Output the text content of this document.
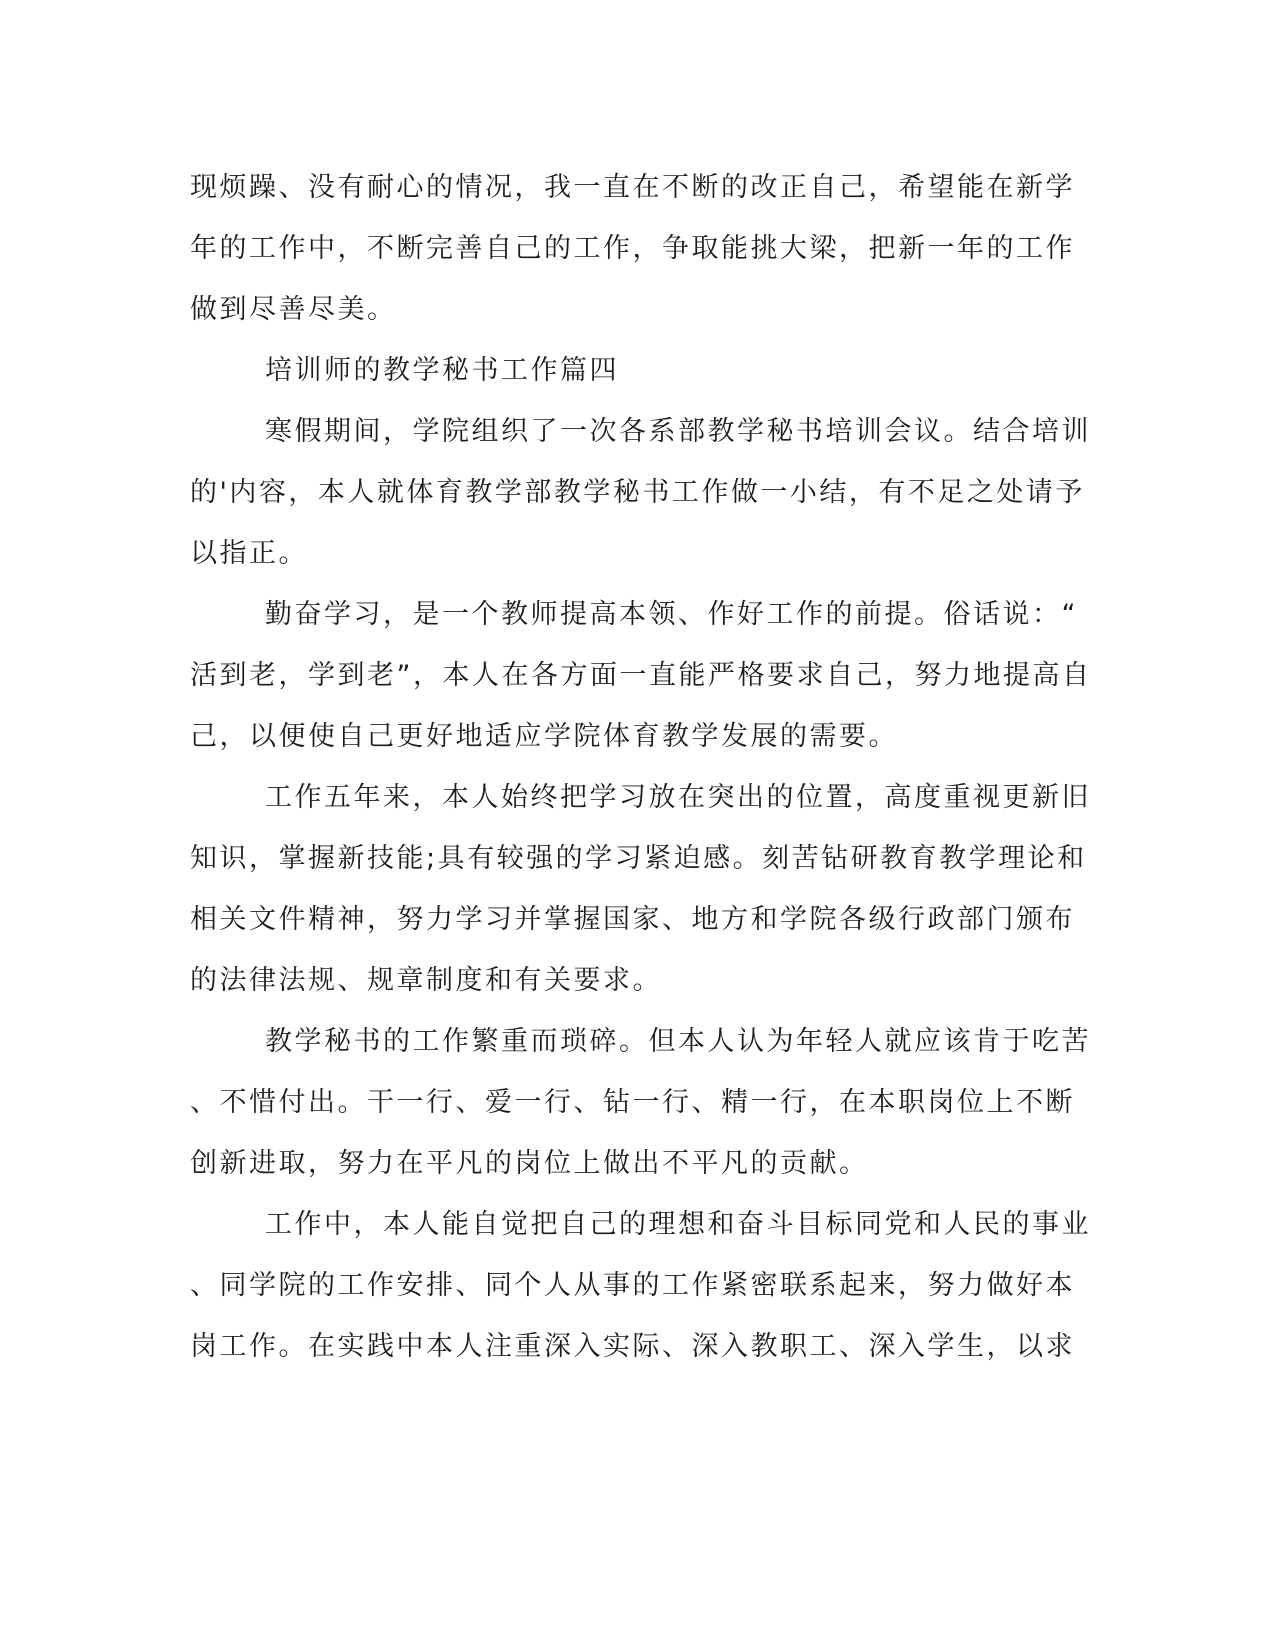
现烦躁、没有耐心的情况，我一直在不断的改正自己，希望能在新学
年的工作中，不断完善自己的工作，争取能挑大梁，把新一年的工作
做到尽善尽美。
培训师的教学秘书工作篇四
寒假期间，学院组织了一次各系部教学秘书培训会议。结合培训
的'内容，本人就体育教学部教学秘书工作做一小结，有不足之处请予
以指正。
勤奋学习，是一个教师提高本领、作好工作的前提。俗话说：“
活到老，学到老”，本人在各方面一直能严格要求自己，努力地提高自
己，以便使自己更好地适应学院体育教学发展的需要。
工作五年来，本人始终把学习放在突出的位置，高度重视更新旧
知识，掌握新技能;具有较强的学习紧迫感。刻苦钻研教育教学理论和
相关文件精神，努力学习并掌握国家、地方和学院各级行政部门颁布
的法律法规、规章制度和有关要求。
教学秘书的工作繁重而琐碎。但本人认为年轻人就应该肯于吃苦
、不惜付出。干一行、爱一行、钻一行、精一行，在本职岗位上不断
创新进取，努力在平凡的岗位上做出不平凡的贡献。
工作中，本人能自觉把自己的理想和奋斗目标同党和人民的事业
、同学院的工作安排、同个人从事的工作紧密联系起来，努力做好本
岗工作。在实践中本人注重深入实际、深入教职工、深入学生，以求
